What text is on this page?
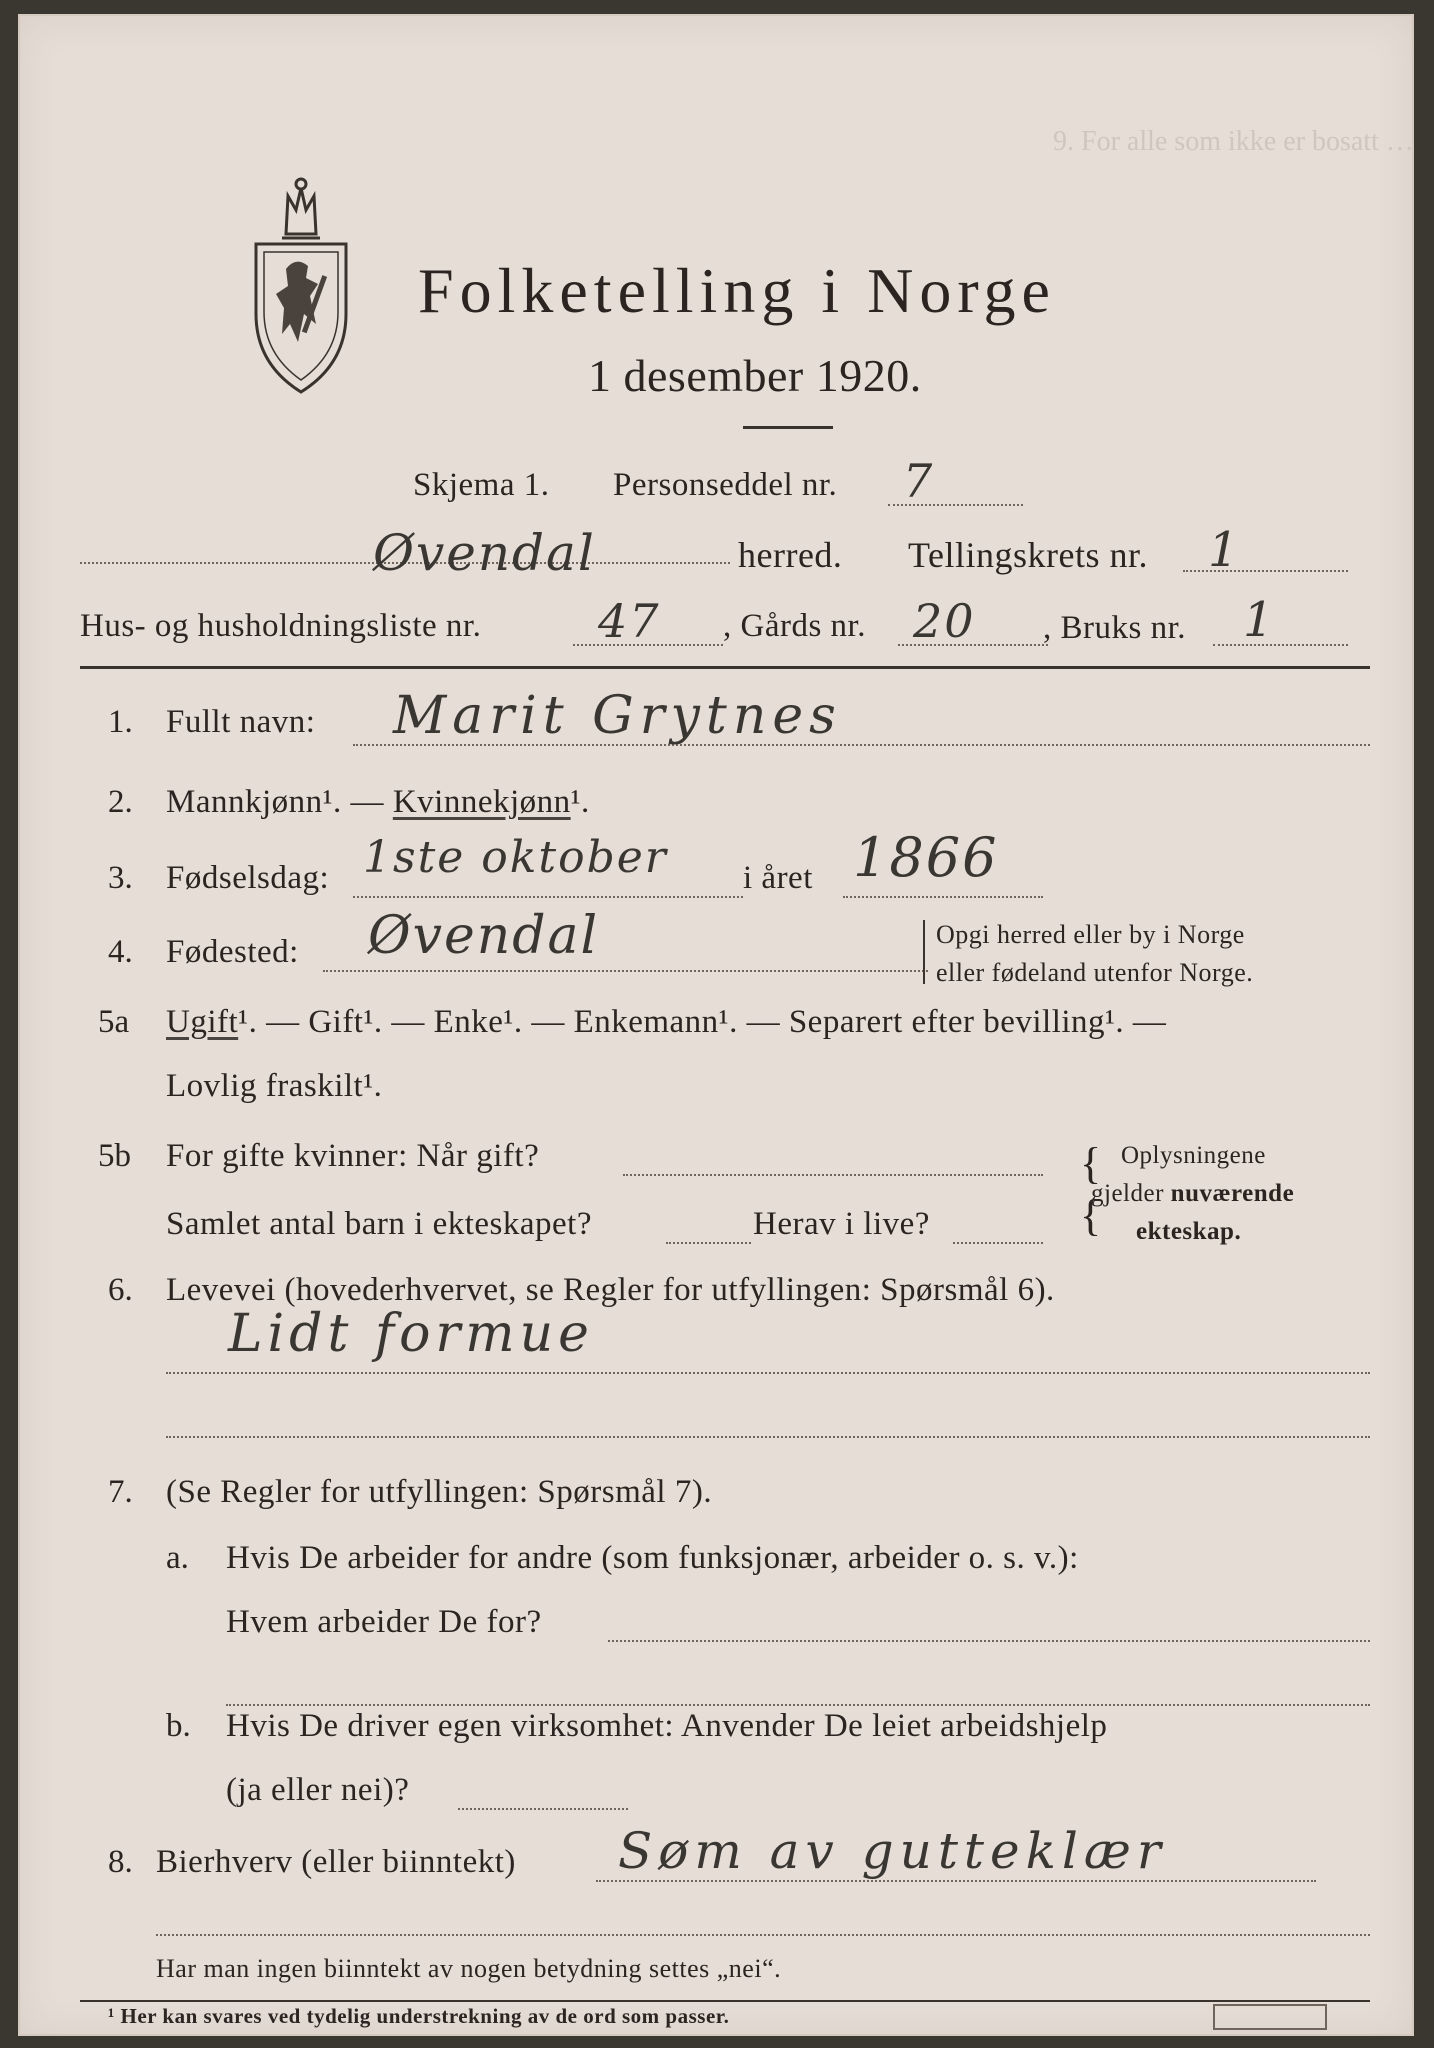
9. For alle som ikke er bosatt …
Folketelling i Norge
1 desember 1920.
Skjema 1. Personseddel nr. 7
Øvendal	herred. Tellingskrets nr. 1
Hus- og husholdningsliste nr.	47 , Gårds nr. 20 , Bruks nr. 1
1. Fullt navn: Marit Grytnes
2. Mannkjønn¹. — Kvinnekjønn¹.
3. Fødselsdag: 1ste oktober i året 1866
4. Fødested: Øvendal	Opgi herred eller by i Norge
eller fødeland utenfor Norge.
5a Ugift¹. — Gift¹. — Enke¹. — Enkemann¹. — Separert efter bevilling¹. —
Lovlig fraskilt¹.
5b For gifte kvinner: Når gift?
Samlet antal barn i ekteskapet?	Herav i live?
{
{
Oplysningene
gjelder nuværende
ekteskap.
6. Levevei (hovederhvervet, se Regler for utfyllingen: Spørsmål 6).
Lidt formue
7. (Se Regler for utfyllingen: Spørsmål 7).
a. Hvis De arbeider for andre (som funksjonær, arbeider o. s. v.):
Hvem arbeider De for?
b. Hvis De driver egen virksomhet: Anvender De leiet arbeidshjelp
(ja eller nei)?
8. Bierhverv (eller biinntekt) Søm av gutteklær
Har man ingen biinntekt av nogen betydning settes „nei“.
¹ Her kan svares ved tydelig understrekning av de ord som passer.
